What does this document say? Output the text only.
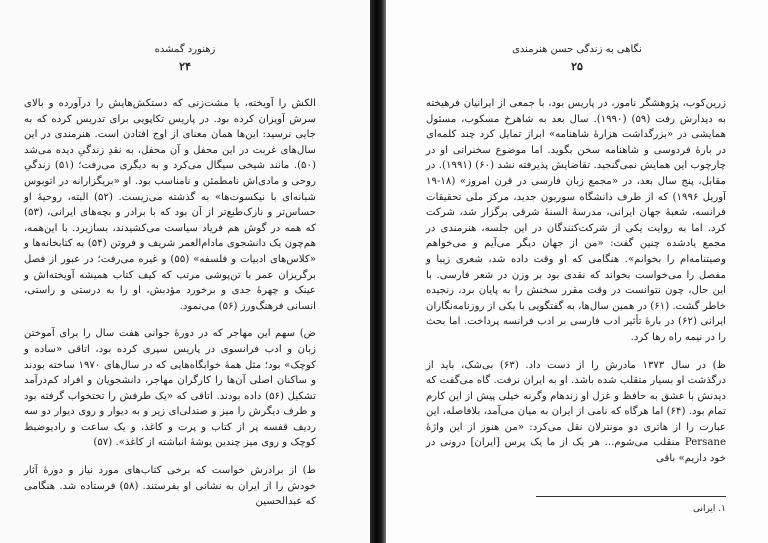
زهنورد گمشده
۲۴

الکش را آویخته، یا مشت‌زنی که دستکش‌هایش را درآورده و بالای سرش آویزان کرده بود. در پاریس تکاپویی برای تدریس کرده که به جایی نرسید: این‌ها همان معنای از اوج افتادن است. هنرمندی در این سال‌های غربت در این محفل و آن محفل، به نقدِ زندگیِ دیده می‌شد (۵۰). مانند شیخی سیگال می‌کرد و به دیگری می‌رفت؛ (۵۱) زندگیِ روحی و مادی‌اش نامطمئن و نامناسب بود. او «بریگزارانه در اتوبوس شبانه‌ای با نیکسوت‌ها» به گذشته می‌زیست. (۵۲) البته، روحیهٔ او حساس‌تر و نازک‌طبع‌تر از آن بود که با برادر و بچه‌های ایرانی، (۵۳) که همه در گوش هم فریاد سیاست می‌کشیدند، بسازیرد. با این‌همه، هم‌چون یک دانشجوی مادام‌العمر شریف و فروتن (۵۴) به کتابخانه‌ها و «کلاس‌های ادبیات و فلسفه» (۵۵) و غیره می‌رفت؛ در عبور از فصل برگریزان عمر با تن‌پوشی مرتب که کیف کتاب همیشه آویخته‌اش و عینک و چهرهٔ جدی و برخورد مؤدبش، او را به درستی و راستی، انسانی فرهنگ‌ورز (۵۶) می‌نمود.

ض) سهم این مهاجر که در دورهٔ جوانی هفت سال را برای آموختن زبان و ادب فرانسوی در پاریس سپری کرده بود، اتاقی «ساده و کوچک» بود؛ مثل همهٔ خوابگاه‌هایی که در سال‌های ۱۹۷۰ ساخته بودند و ساکنان اصلی آن‌ها را کارگران مهاجر، دانشجویان و افراد کم‌درآمد تشکیل (۵۶) داده بودند. اتاقی که «یک طرفش را تختخواب گرفته بود و طرف دیگرش را میز و صندلی‌ای زیر و به دیوار و روی دیوار دو سه ردیف قفسه پر از کتاب و پرت و کاغذ، و یک ساعت و رادیوضبط کوچک و روی میز چندین یوشهٔ انباشته از کاغذ». (۵۷)

ط) از برادرش خواست که برخی کتاب‌های مورد نیاز و دورهٔ آثار خودش را از ایران به نشانی او بفرستند. (۵۸) فرستاده شد. هنگامی که عبدالحسین

نگاهی به زندگی حسن هنرمندی
۲۵

زرین‌کوب، پژوهشگر نامور، در پاریس بود، با جمعی از ایرانیان فرهیخته به دیدارش رفت (۵۹) (۱۹۹۰). سال بعد به شاهرخ مسکوب، مسئول همایشی در «بزرگداشت هزارهٔ شاهنامه» ابراز تمایل کرد چند کلمه‌ای در بارهٔ فردوسی و شاهنامه سخن بگوید. اما موضوع سخنرانی او در چارچوب این همایش نمی‌گنجید. تقاضایش پذیرفته نشد (۶۰) (۱۹۹۱). در مقابل، پنج سال بعد، در «مجمع زبان فارسی در قرن امروز» (۱۸-۱۹ آوریل ۱۹۹۶) که از طرف دانشگاه سوربون جدید، مرکز ملی تحقیقات فرانسه، شعبهٔ جهان ایرانی، مدرسهٔ السنهٔ شرقی برگزار شد، شرکت کرد. اما به روایت یکی از شرکت‌کنندگان در این جلسه، هنرمندی در مجمع یادشده چنین گفت: «من از جهان دیگر می‌آیم و می‌خواهم وصیتنامه‌ام را بخوانم». هنگامی که او وقت داده شد، شعری زیبا و مفصل را می‌خواست بخواند که نقدی بود بر وزن در شعر فارسی. با این حال، چون نتوانست در وقت مقرر سخنش را به پایان برد، رنجیده خاطر گشت. (۶۱) در همین سال‌ها، به گفتگویی با یکی از روزنامه‌نگاران ایرانی (۶۲) در بارهٔ تأثیر ادب فارسی بر ادب فرانسه پرداخت. اما بحث را در نیمه راه رها کرد.

ظ) در سال ۱۳۷۳ مادرش را از دست داد. (۶۳) بی‌شک، باید از درگذشت او بسیار متقلب شده باشد. او به ایران نرفت. گاه می‌گفت که دیدنش با عشق به حافظ و غزل او زندهام وگرنه خیلی پیش از این کارم تمام بود. (۶۴) اما هرگاه که نامی از ایران به میان می‌آمد، بلافاصله، این عبارت را از هاتری دو مونترلان نقل می‌کرد: «من هنوز از این واژهٔ Persane منقلب می‌شوم... هر یک از ما یک پرس [ایران] درونی در خود داریم» باقی

۱. ایرانی
